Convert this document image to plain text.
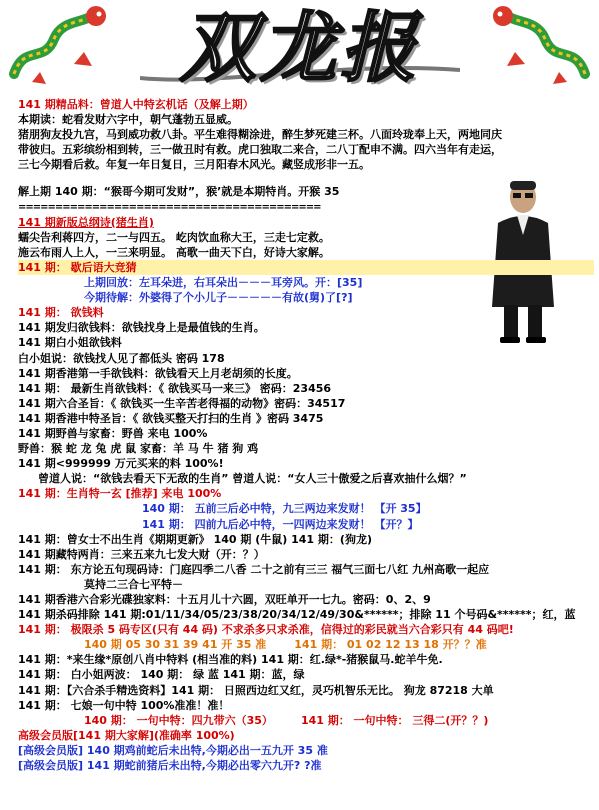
双龙报
141 期精品料：曾道人中特玄机话（及解上期）
本期读：蛇看发财六字中，朝气蓬勃五显威。
猪朋狗友投九宫，马到威功救八卦。平生难得糊涂进，醉生梦死建三杯。八面玲珑奉上天，两地同庆
带彼归。五彩缤纷相到转，三一做丑时有救。虎口独取二来合，二八丁配申不满。四六当年有走运，
三七今期看后救。年复一年日复日，三月阳春木风光。藏竖成形非一五。
解上期 140 期：“猴哥今期可发财”，猴’就是本期特肖。开猴 35
=========================================
141 期新版总纲诗(猪生肖)
蠕尖告利蒋四方，二一与四五。 屹肉饮血称大王，三走七定救。
施云布雨人上人，一三来明显。 高歌一曲天下白，好诗大家解。
141 期： 歇后语大竞猜
上期回放：左耳朵进，右耳朵出－－－耳旁风。开：[35]
今期待解：外婆得了个小儿子－－－－－有故(舅)了[?]
141 期： 欲钱料
141 期发归欲钱料：欲钱找身上是最值钱的生肖。
141 期白小姐欲钱料
白小姐说：欲钱找人见了都低头 密码 178
141 期香港第一手欲钱料：欲钱看天上月老胡须的长度。
141 期： 最新生肖欲钱料：《 欲钱买马一来三》 密码：23456
141 期六合圣旨：《 欲钱买一生辛苦老得福的动物》密码：34517
141 期香港中特圣旨：《 欲钱买整天打扫的生肖 》密码 3475
141 期野兽与家畜：野兽 来电 100%
野兽：猴 蛇 龙 兔 虎 鼠 家畜：羊 马 牛 猪 狗 鸡
141 期<999999 万元买来的料 100%!
曾道人说：“欲钱去看天下无敌的生肖” 曾道人说：“女人三十傲爱之后喜欢抽什么烟？”
141 期：生肖特一玄 [推荐] 来电 100%
140 期： 五前三后必中特，九三两边来发财！ 【开 35】
141 期： 四前九后必中特，一四两边来发财！ 【开？】
141 期：曾女士不出生肖《期期更新》 140 期 (牛鼠) 141 期：(狗龙)
141 期藏特两肖：三来五来九七发大财（开：？）
141 期： 东方论五句现码诗：门庭四季二八香 二十之前有三三 福气三面七八红 九州高歌一起应
莫持二三合七平特－
141 期香港六合彩光碟独家料：十五月儿十六圆，双旺单开一七九。密码：0、2、9
141 期杀码排除 141 期:01/11/34/05/23/38/20/34/12/49/30&******；排除 11 个号码&******；红，蓝
141 期： 极限杀 5 码专区(只有 44 码) 不求杀多只求杀准，信得过的彩民就当六合彩只有 44 码吧!
140 期 05 30 31 39 41 开 35 准	141 期： 01 02 12 13 18 开？？准
141 期：*来生缘*原创八肖中特料 (相当准的料) 141 期：红.绿*-猪猴鼠马.蛇羊牛免.
141 期： 白小姐两波： 140 期： 绿 蓝 141 期：蓝，绿
141 期：【六合杀手精选资料】141 期： 日照西边红又红，灵巧机智乐无比。 狗龙 87218 大单
141 期： 七娘一句中特 100%准准！准！
140 期： 一句中特：四九带六（35）	141 期： 一句中特： 三得二(开？？)
高级会员版[141 期大家解](准确率 100%)
[高级会员版] 140 期鸡前蛇后未出特,今期必出一五九开 35 准
[高级会员版] 141 期蛇前猪后未出特,今期必出零六九开? ?准
